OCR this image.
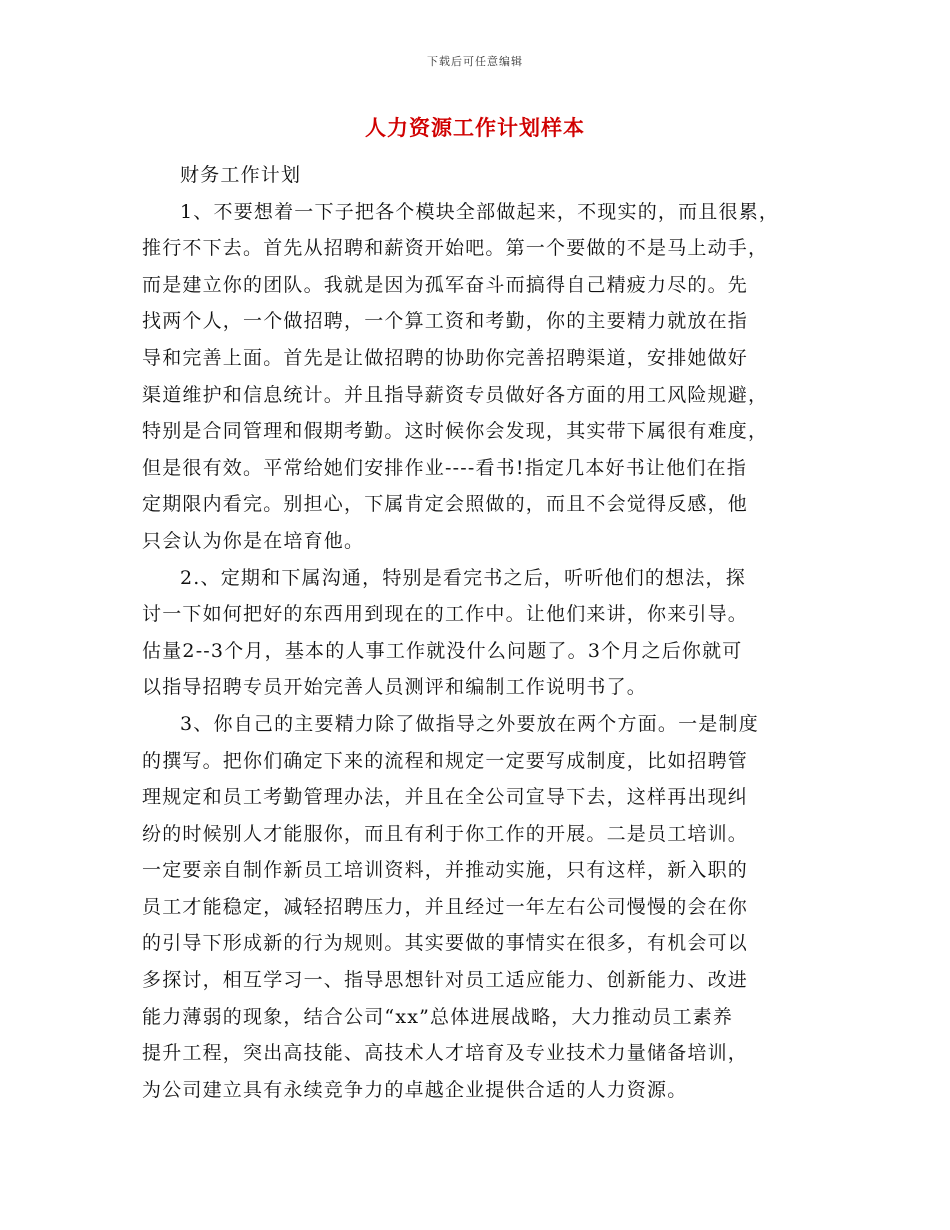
下载后可任意编辑
人力资源工作计划样本
财务工作计划
1、不要想着一下子把各个模块全部做起来，不现实的，而且很累，
推行不下去。首先从招聘和薪资开始吧。第一个要做的不是马上动手，
而是建立你的团队。我就是因为孤军奋斗而搞得自己精疲力尽的。先
找两个人，一个做招聘，一个算工资和考勤，你的主要精力就放在指
导和完善上面。首先是让做招聘的协助你完善招聘渠道，安排她做好
渠道维护和信息统计。并且指导薪资专员做好各方面的用工风险规避，
特别是合同管理和假期考勤。这时候你会发现，其实带下属很有难度，
但是很有效。平常给她们安排作业----看书!指定几本好书让他们在指
定期限内看完。别担心，下属肯定会照做的，而且不会觉得反感，他
只会认为你是在培育他。
2.、定期和下属沟通，特别是看完书之后，听听他们的想法，探
讨一下如何把好的东西用到现在的工作中。让他们来讲，你来引导。
估量2--3个月，基本的人事工作就没什么问题了。3个月之后你就可
以指导招聘专员开始完善人员测评和编制工作说明书了。
3、你自己的主要精力除了做指导之外要放在两个方面。一是制度
的撰写。把你们确定下来的流程和规定一定要写成制度，比如招聘管
理规定和员工考勤管理办法，并且在全公司宣导下去，这样再出现纠
纷的时候别人才能服你，而且有利于你工作的开展。二是员工培训。
一定要亲自制作新员工培训资料，并推动实施，只有这样，新入职的
员工才能稳定，减轻招聘压力，并且经过一年左右公司慢慢的会在你
的引导下形成新的行为规则。其实要做的事情实在很多，有机会可以
多探讨，相互学习一、指导思想针对员工适应能力、创新能力、改进
能力薄弱的现象，结合公司“xx”总体进展战略，大力推动员工素养
提升工程，突出高技能、高技术人才培育及专业技术力量储备培训，
为公司建立具有永续竞争力的卓越企业提供合适的人力资源。
